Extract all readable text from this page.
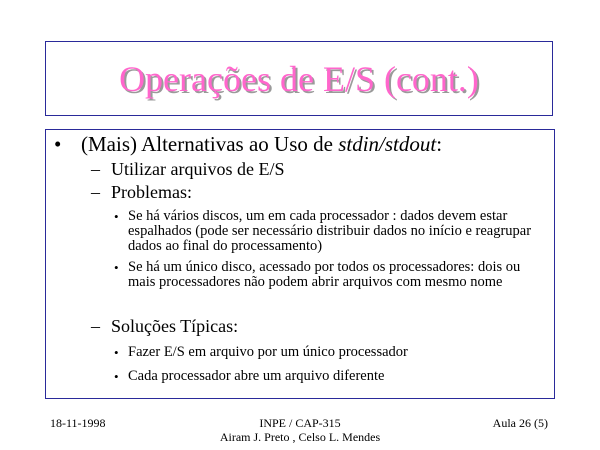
Operações de E/S (cont.)
• (Mais) Alternativas ao Uso de stdin/stdout:
– Utilizar arquivos de E/S
– Problemas:
• Se há vários discos, um em cada processador : dados devem estar espalhados (pode ser necessário distribuir dados no início e reagrupar dados ao final do processamento)
• Se há um único disco, acessado por todos os processadores: dois ou mais processadores não podem abrir arquivos com mesmo nome
– Soluções Típicas:
• Fazer E/S em arquivo por um único processador
• Cada processador abre um arquivo diferente
18-11-1998	INPE / CAP-315
Airam J. Preto , Celso L. Mendes
Aula 26 (5)
